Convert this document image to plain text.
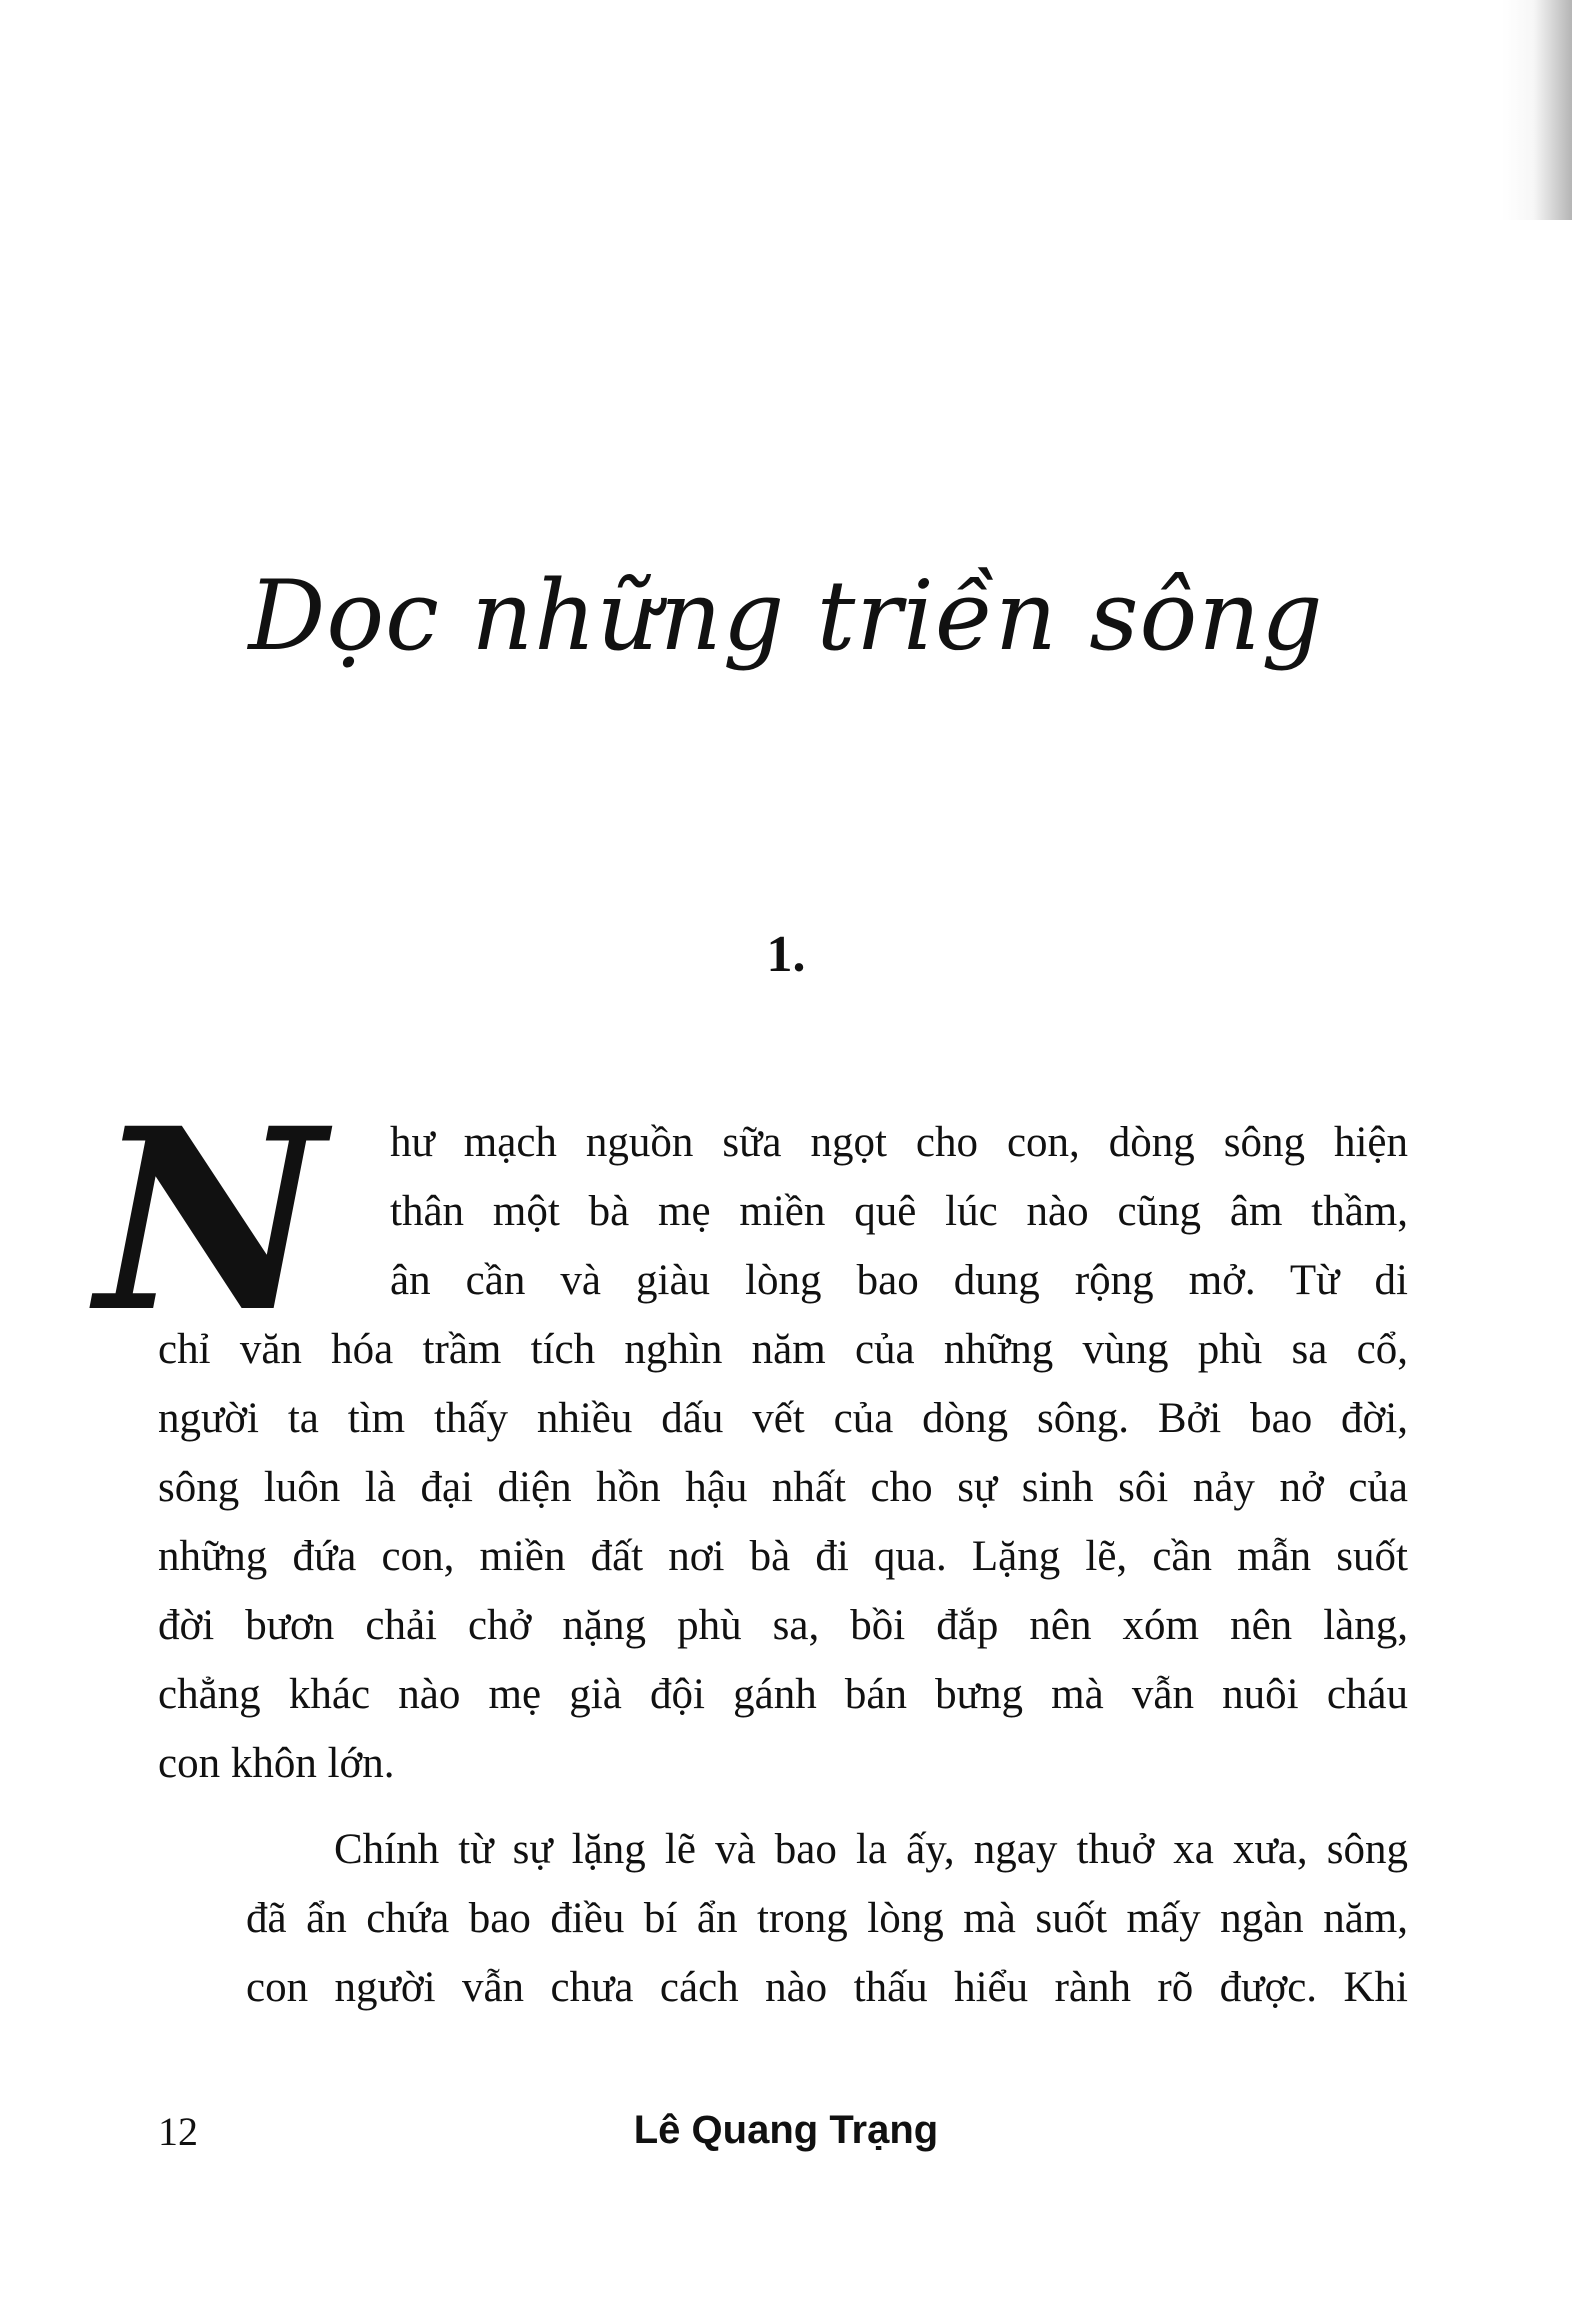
Dọc những triền sông
1.
N	hư mạch nguồn sữa ngọt cho con, dòng sông hiện
thân một bà mẹ miền quê lúc nào cũng âm thầm,
ân cần và giàu lòng bao dung rộng mở. Từ di
chỉ văn hóa trầm tích nghìn năm của những vùng phù sa cổ,
người ta tìm thấy nhiều dấu vết của dòng sông. Bởi bao đời,
sông luôn là đại diện hồn hậu nhất cho sự sinh sôi nảy nở của
những đứa con, miền đất nơi bà đi qua. Lặng lẽ, cần mẫn suốt
đời bươn chải chở nặng phù sa, bồi đắp nên xóm nên làng,
chẳng khác nào mẹ già đội gánh bán bưng mà vẫn nuôi cháu
con khôn lớn.
Chính từ sự lặng lẽ và bao la ấy, ngay thuở xa xưa, sông
đã ẩn chứa bao điều bí ẩn trong lòng mà suốt mấy ngàn năm,
con người vẫn chưa cách nào thấu hiểu rành rõ được. Khi
12	Lê Quang Trạng
